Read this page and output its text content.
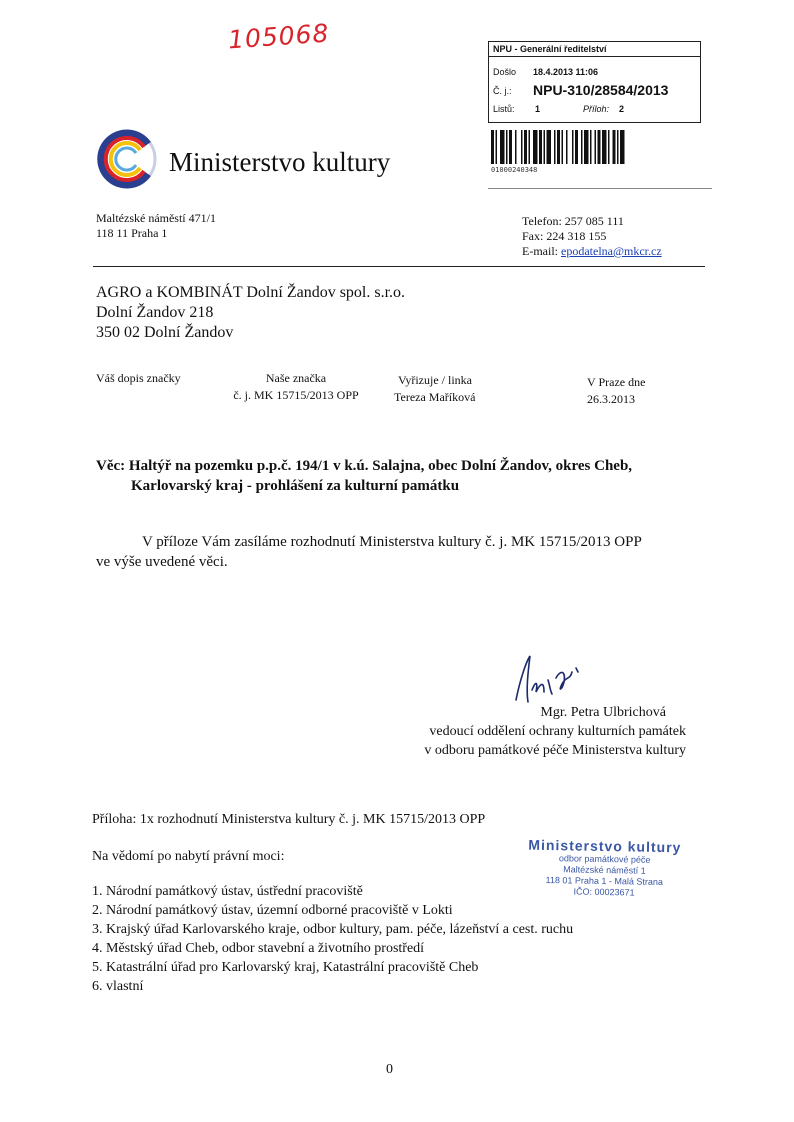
105068	NPU - Generální ředitelství
Došlo 18.4.2013 11:06
Č. j.: NPU-310/28584/2013
Listů: 1	Příloh: 2
01000240348
Ministerstvo kultury
Maltézské náměstí 471/1
118 11 Praha 1
Telefon: 257 085 111
Fax: 224 318 155
E-mail: epodatelna@mkcr.cz
AGRO a KOMBINÁT Dolní Žandov spol. s.r.o.
Dolní Žandov 218
350 02 Dolní Žandov
Váš dopis značky	Naše značka
č. j. MK 15715/2013 OPP
Vyřizuje / linka
Tereza Maříková
V Praze dne
26.3.2013
Věc: Haltýř na pozemku p.p.č. 194/1 v k.ú. Salajna, obec Dolní Žandov, okres Cheb,
Karlovarský kraj - prohlášení za kulturní památku
V příloze Vám zasíláme rozhodnutí Ministerstva kultury č. j. MK 15715/2013 OPP
ve výše uvedené věci.
Mgr. Petra Ulbrichová
vedoucí oddělení ochrany kulturních památek
v odboru památkové péče Ministerstva kultury
Příloha: 1x rozhodnutí Ministerstva kultury č. j. MK 15715/2013 OPP
Na vědomí po nabytí právní moci:
Ministerstvo kultury
odbor památkové péče
Maltézské náměstí 1
118 01 Praha 1 - Malá Strana
IČO: 00023671
1. Národní památkový ústav, ústřední pracoviště
2. Národní památkový ústav, územní odborné pracoviště v Lokti
3. Krajský úřad Karlovarského kraje, odbor kultury, pam. péče, lázeňství a cest. ruchu
4. Městský úřad Cheb, odbor stavební a životního prostředí
5. Katastrální úřad pro Karlovarský kraj, Katastrální pracoviště Cheb
6. vlastní
0
